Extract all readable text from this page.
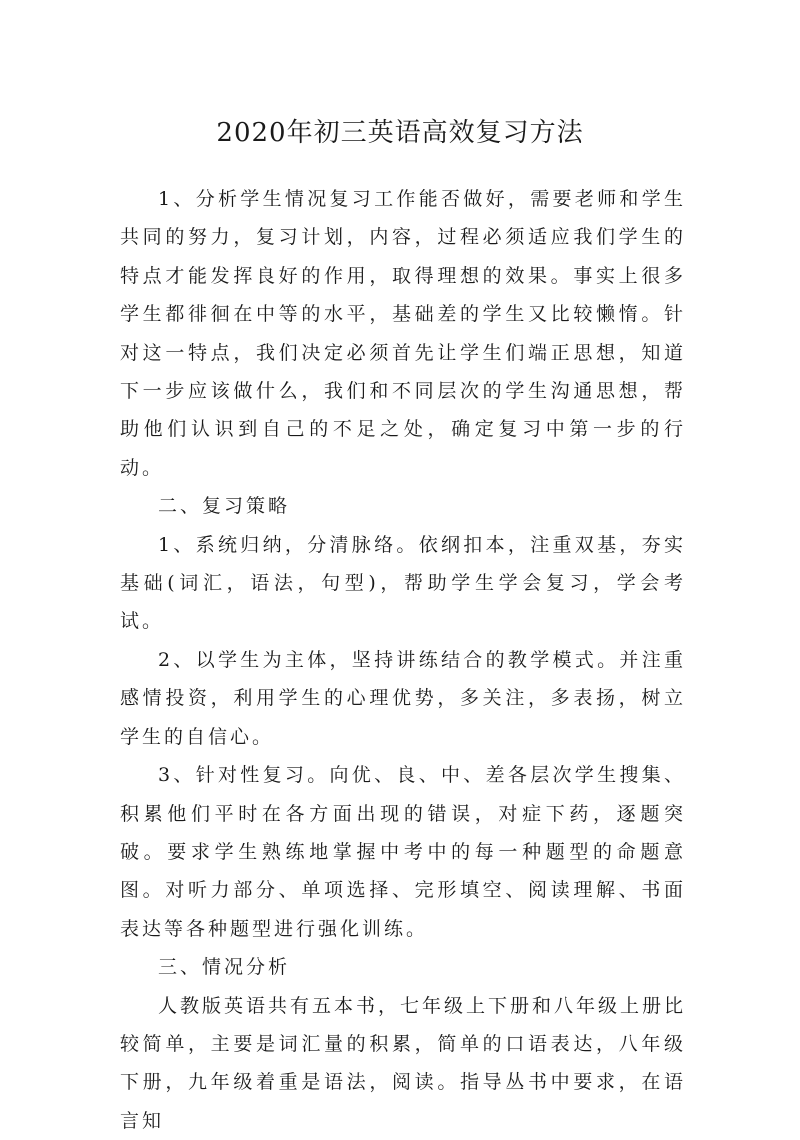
2020年初三英语高效复习方法

1、分析学生情况复习工作能否做好，需要老师和学生共同的努力，复习计划，内容，过程必须适应我们学生的特点才能发挥良好的作用，取得理想的效果。事实上很多学生都徘徊在中等的水平，基础差的学生又比较懒惰。针对这一特点，我们决定必须首先让学生们端正思想，知道下一步应该做什么，我们和不同层次的学生沟通思想，帮助他们认识到自己的不足之处，确定复习中第一步的行动。

二、复习策略

1、系统归纳，分清脉络。依纲扣本，注重双基，夯实基础(词汇，语法，句型)，帮助学生学会复习，学会考试。

2、以学生为主体，坚持讲练结合的教学模式。并注重感情投资，利用学生的心理优势，多关注，多表扬，树立学生的自信心。

3、针对性复习。向优、良、中、差各层次学生搜集、积累他们平时在各方面出现的错误，对症下药，逐题突破。要求学生熟练地掌握中考中的每一种题型的命题意图。对听力部分、单项选择、完形填空、阅读理解、书面表达等各种题型进行强化训练。

三、情况分析

人教版英语共有五本书，七年级上下册和八年级上册比较简单，主要是词汇量的积累，简单的口语表达，八年级下册，九年级着重是语法，阅读。指导丛书中要求，在语言知
